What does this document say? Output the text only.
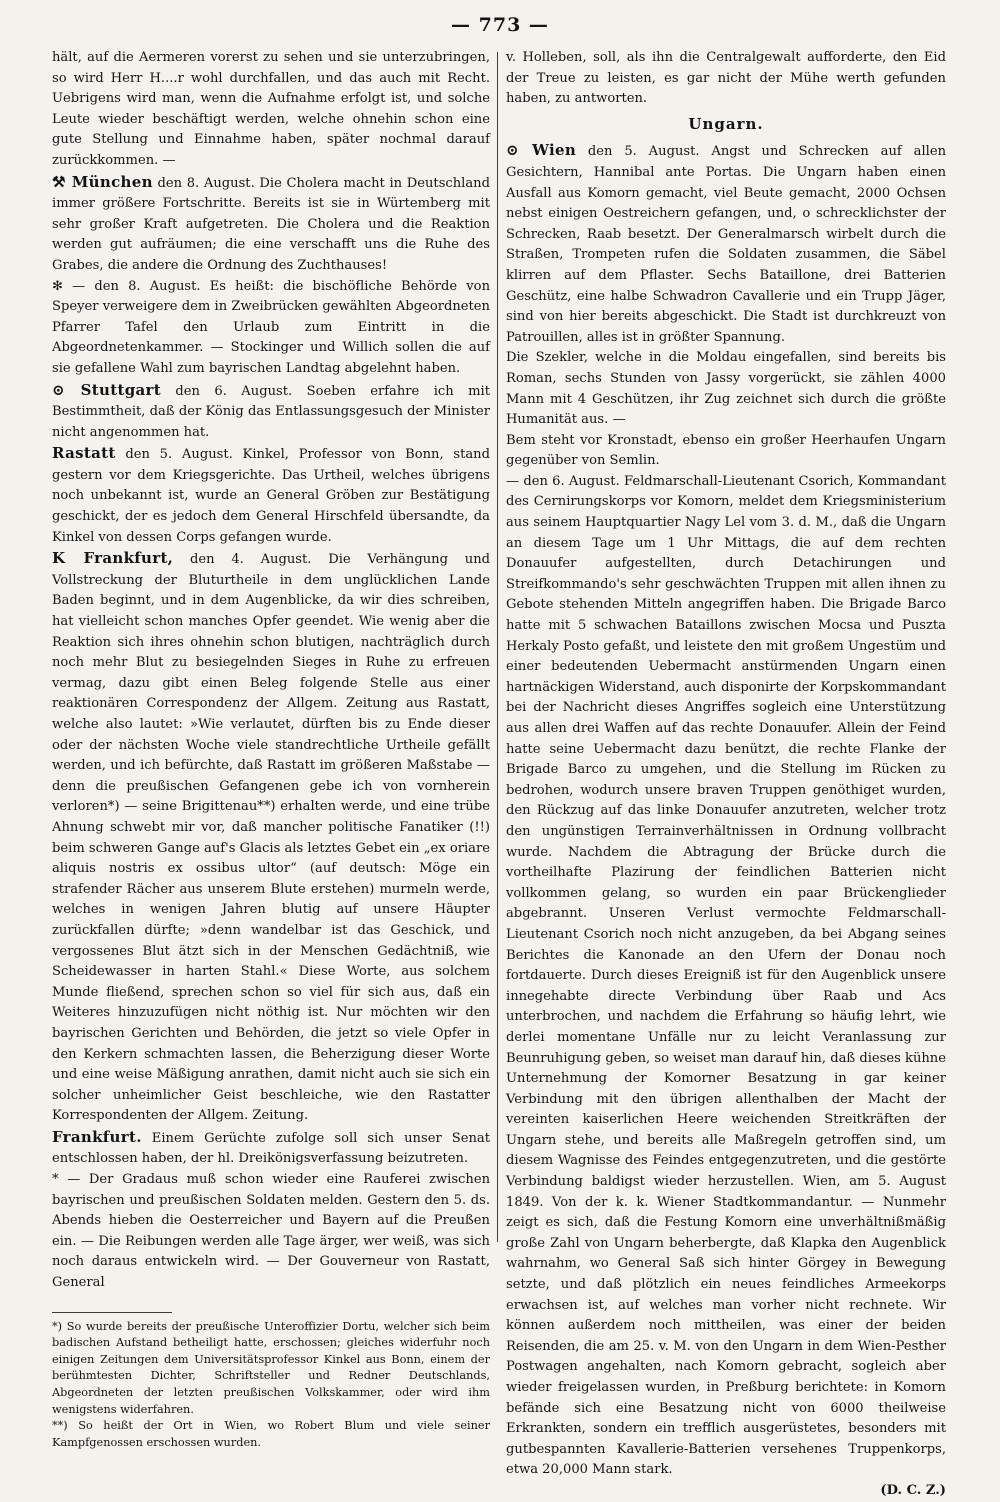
— 773 —

hält, auf die Aermeren vorerst zu sehen und sie unterzubringen, so wird Herr H....r wohl durchfallen, und das auch mit Recht. Uebrigens wird man, wenn die Aufnahme erfolgt ist, und solche Leute wieder beschäftigt werden, welche ohnehin schon eine gute Stellung und Einnahme haben, später nochmal darauf zurückkommen. —

⚒ München den 8. August. Die Cholera macht in Deutschland immer größere Fortschritte. Bereits ist sie in Würtemberg mit sehr großer Kraft aufgetreten. Die Cholera und die Reaktion werden gut aufräumen; die eine verschafft uns die Ruhe des Grabes, die andere die Ordnung des Zuchthauses!

✻ — den 8. August. Es heißt: die bischöfliche Behörde von Speyer verweigere dem in Zweibrücken gewählten Abgeordneten Pfarrer Tafel den Urlaub zum Eintritt in die Abgeordnetenkammer. — Stockinger und Willich sollen die auf sie gefallene Wahl zum bayrischen Landtag abgelehnt haben.

⊙ Stuttgart den 6. August. Soeben erfahre ich mit Bestimmtheit, daß der König das Entlassungsgesuch der Minister nicht angenommen hat.

Rastatt den 5. August. Kinkel, Professor von Bonn, stand gestern vor dem Kriegsgerichte. Das Urtheil, welches übrigens noch unbekannt ist, wurde an General Gröben zur Bestätigung geschickt, der es jedoch dem General Hirschfeld übersandte, da Kinkel von dessen Corps gefangen wurde.

K Frankfurt, den 4. August. Die Verhängung und Vollstreckung der Bluturtheile in dem unglücklichen Lande Baden beginnt, und in dem Augenblicke, da wir dies schreiben, hat vielleicht schon manches Opfer geendet. Wie wenig aber die Reaktion sich ihres ohnehin schon blutigen, nachträglich durch noch mehr Blut zu besiegelnden Sieges in Ruhe zu erfreuen vermag, dazu gibt einen Beleg folgende Stelle aus einer reaktionären Correspondenz der Allgem. Zeitung aus Rastatt, welche also lautet: »Wie verlautet, dürften bis zu Ende dieser oder der nächsten Woche viele standrechtliche Urtheile gefällt werden, und ich befürchte, daß Rastatt im größeren Maßstabe — denn die preußischen Gefangenen gebe ich von vornherein verloren*) — seine Brigittenau**) erhalten werde, und eine trübe Ahnung schwebt mir vor, daß mancher politische Fanatiker (!!) beim schweren Gange auf's Glacis als letztes Gebet ein „ex oriare aliquis nostris ex ossibus ultor“ (auf deutsch: Möge ein strafender Rächer aus unserem Blute erstehen) murmeln werde, welches in wenigen Jahren blutig auf unsere Häupter zurückfallen dürfte; »denn wandelbar ist das Geschick, und vergossenes Blut ätzt sich in der Menschen Gedächtniß, wie Scheidewasser in harten Stahl.« Diese Worte, aus solchem Munde fließend, sprechen schon so viel für sich aus, daß ein Weiteres hinzuzufügen nicht nöthig ist. Nur möchten wir den bayrischen Gerichten und Behörden, die jetzt so viele Opfer in den Kerkern schmachten lassen, die Beherzigung dieser Worte und eine weise Mäßigung anrathen, damit nicht auch sie sich ein solcher unheimlicher Geist beschleiche, wie den Rastatter Korrespondenten der Allgem. Zeitung.

Frankfurt. Einem Gerüchte zufolge soll sich unser Senat entschlossen haben, der hl. Dreikönigsverfassung beizutreten.

* — Der Gradaus muß schon wieder eine Rauferei zwischen bayrischen und preußischen Soldaten melden. Gestern den 5. ds. Abends hieben die Oesterreicher und Bayern auf die Preußen ein. — Die Reibungen werden alle Tage ärger, wer weiß, was sich noch daraus entwickeln wird. — Der Gouverneur von Rastatt, General

*) So wurde bereits der preußische Unteroffizier Dortu, welcher sich beim badischen Aufstand betheiligt hatte, erschossen; gleiches widerfuhr noch einigen Zeitungen dem Universitätsprofessor Kinkel aus Bonn, einem der berühmtesten Dichter, Schriftsteller und Redner Deutschlands, Abgeordneten der letzten preußischen Volkskammer, oder wird ihm wenigstens widerfahren.

**) So heißt der Ort in Wien, wo Robert Blum und viele seiner Kampfgenossen erschossen wurden.

v. Holleben, soll, als ihn die Centralgewalt aufforderte, den Eid der Treue zu leisten, es gar nicht der Mühe werth gefunden haben, zu antworten.

Ungarn.

⊙ Wien den 5. August. Angst und Schrecken auf allen Gesichtern, Hannibal ante Portas. Die Ungarn haben einen Ausfall aus Komorn gemacht, viel Beute gemacht, 2000 Ochsen nebst einigen Oestreichern gefangen, und, o schrecklichster der Schrecken, Raab besetzt. Der Generalmarsch wirbelt durch die Straßen, Trompeten rufen die Soldaten zusammen, die Säbel klirren auf dem Pflaster. Sechs Bataillone, drei Batterien Geschütz, eine halbe Schwadron Cavallerie und ein Trupp Jäger, sind von hier bereits abgeschickt. Die Stadt ist durchkreuzt von Patrouillen, alles ist in größter Spannung.

Die Szekler, welche in die Moldau eingefallen, sind bereits bis Roman, sechs Stunden von Jassy vorgerückt, sie zählen 4000 Mann mit 4 Geschützen, ihr Zug zeichnet sich durch die größte Humanität aus. —

Bem steht vor Kronstadt, ebenso ein großer Heerhaufen Ungarn gegenüber von Semlin.

— den 6. August. Feldmarschall-Lieutenant Csorich, Kommandant des Cernirungskorps vor Komorn, meldet dem Kriegsministerium aus seinem Hauptquartier Nagy Lel vom 3. d. M., daß die Ungarn an diesem Tage um 1 Uhr Mittags, die auf dem rechten Donauufer aufgestellten, durch Detachirungen und Streifkommando's sehr geschwächten Truppen mit allen ihnen zu Gebote stehenden Mitteln angegriffen haben. Die Brigade Barco hatte mit 5 schwachen Bataillons zwischen Mocsa und Puszta Herkaly Posto gefaßt, und leistete den mit großem Ungestüm und einer bedeutenden Uebermacht anstürmenden Ungarn einen hartnäckigen Widerstand, auch disponirte der Korpskommandant bei der Nachricht dieses Angriffes sogleich eine Unterstützung aus allen drei Waffen auf das rechte Donauufer. Allein der Feind hatte seine Uebermacht dazu benützt, die rechte Flanke der Brigade Barco zu umgehen, und die Stellung im Rücken zu bedrohen, wodurch unsere braven Truppen genöthiget wurden, den Rückzug auf das linke Donauufer anzutreten, welcher trotz den ungünstigen Terrainverhältnissen in Ordnung vollbracht wurde. Nachdem die Abtragung der Brücke durch die vortheilhafte Plazirung der feindlichen Batterien nicht vollkommen gelang, so wurden ein paar Brückenglieder abgebrannt. Unseren Verlust vermochte Feldmarschall-Lieutenant Csorich noch nicht anzugeben, da bei Abgang seines Berichtes die Kanonade an den Ufern der Donau noch fortdauerte. Durch dieses Ereigniß ist für den Augenblick unsere innegehabte directe Verbindung über Raab und Acs unterbrochen, und nachdem die Erfahrung so häufig lehrt, wie derlei momentane Unfälle nur zu leicht Veranlassung zur Beunruhigung geben, so weiset man darauf hin, daß dieses kühne Unternehmung der Komorner Besatzung in gar keiner Verbindung mit den übrigen allenthalben der Macht der vereinten kaiserlichen Heere weichenden Streitkräften der Ungarn stehe, und bereits alle Maßregeln getroffen sind, um diesem Wagnisse des Feindes entgegenzutreten, und die gestörte Verbindung baldigst wieder herzustellen. Wien, am 5. August 1849. Von der k. k. Wiener Stadtkommandantur. — Nunmehr zeigt es sich, daß die Festung Komorn eine unverhältnißmäßig große Zahl von Ungarn beherbergte, daß Klapka den Augenblick wahrnahm, wo General Saß sich hinter Görgey in Bewegung setzte, und daß plötzlich ein neues feindliches Armeekorps erwachsen ist, auf welches man vorher nicht rechnete. Wir können außerdem noch mittheilen, was einer der beiden Reisenden, die am 25. v. M. von den Ungarn in dem Wien-Pesther Postwagen angehalten, nach Komorn gebracht, sogleich aber wieder freigelassen wurden, in Preßburg berichtete: in Komorn befände sich eine Besatzung nicht von 6000 theilweise Erkrankten, sondern ein trefflich ausgerüstetes, besonders mit gutbespannten Kavallerie-Batterien versehenes Truppenkorps, etwa 20,000 Mann stark.

(D. C. Z.)
